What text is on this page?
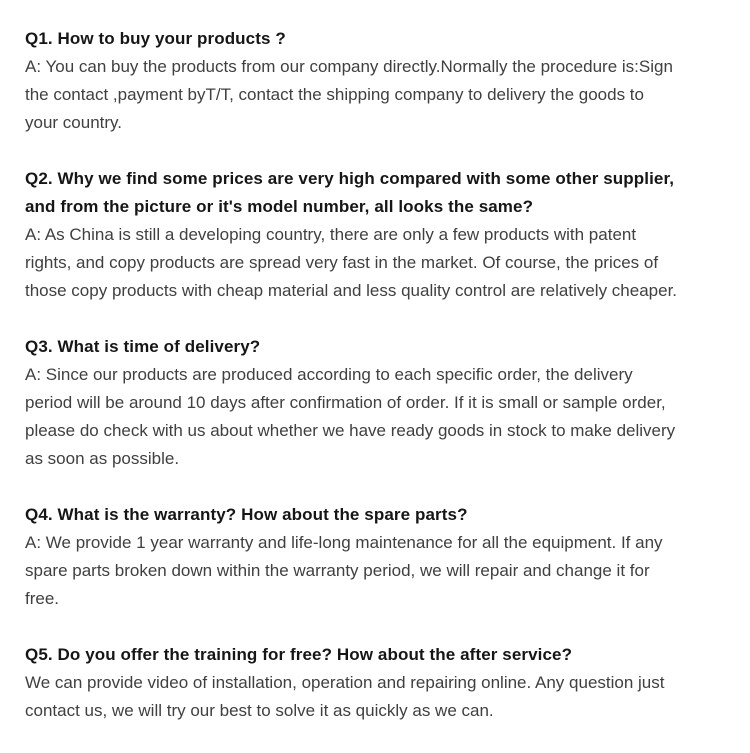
Q1. How to buy your products ?
A: You can buy the products from our company directly.Normally the procedure is:Sign
the contact ,payment byT/T, contact the shipping company to delivery the goods to
your country.
Q2. Why we find some prices are very high compared with some other supplier,
and from the picture or it's model number, all looks the same?
A: As China is still a developing country, there are only a few products with patent
rights, and copy products are spread very fast in the market. Of course, the prices of
those copy products with cheap material and less quality control are relatively cheaper.
Q3. What is time of delivery?
A: Since our products are produced according to each specific order, the delivery
period will be around 10 days after confirmation of order. If it is small or sample order,
please do check with us about whether we have ready goods in stock to make delivery
as soon as possible.
Q4. What is the warranty? How about the spare parts?
A: We provide 1 year warranty and life-long maintenance for all the equipment. If any
spare parts broken down within the warranty period, we will repair and change it for
free.
Q5. Do you offer the training for free? How about the after service?
We can provide video of installation, operation and repairing online. Any question just
contact us, we will try our best to solve it as quickly as we can.
